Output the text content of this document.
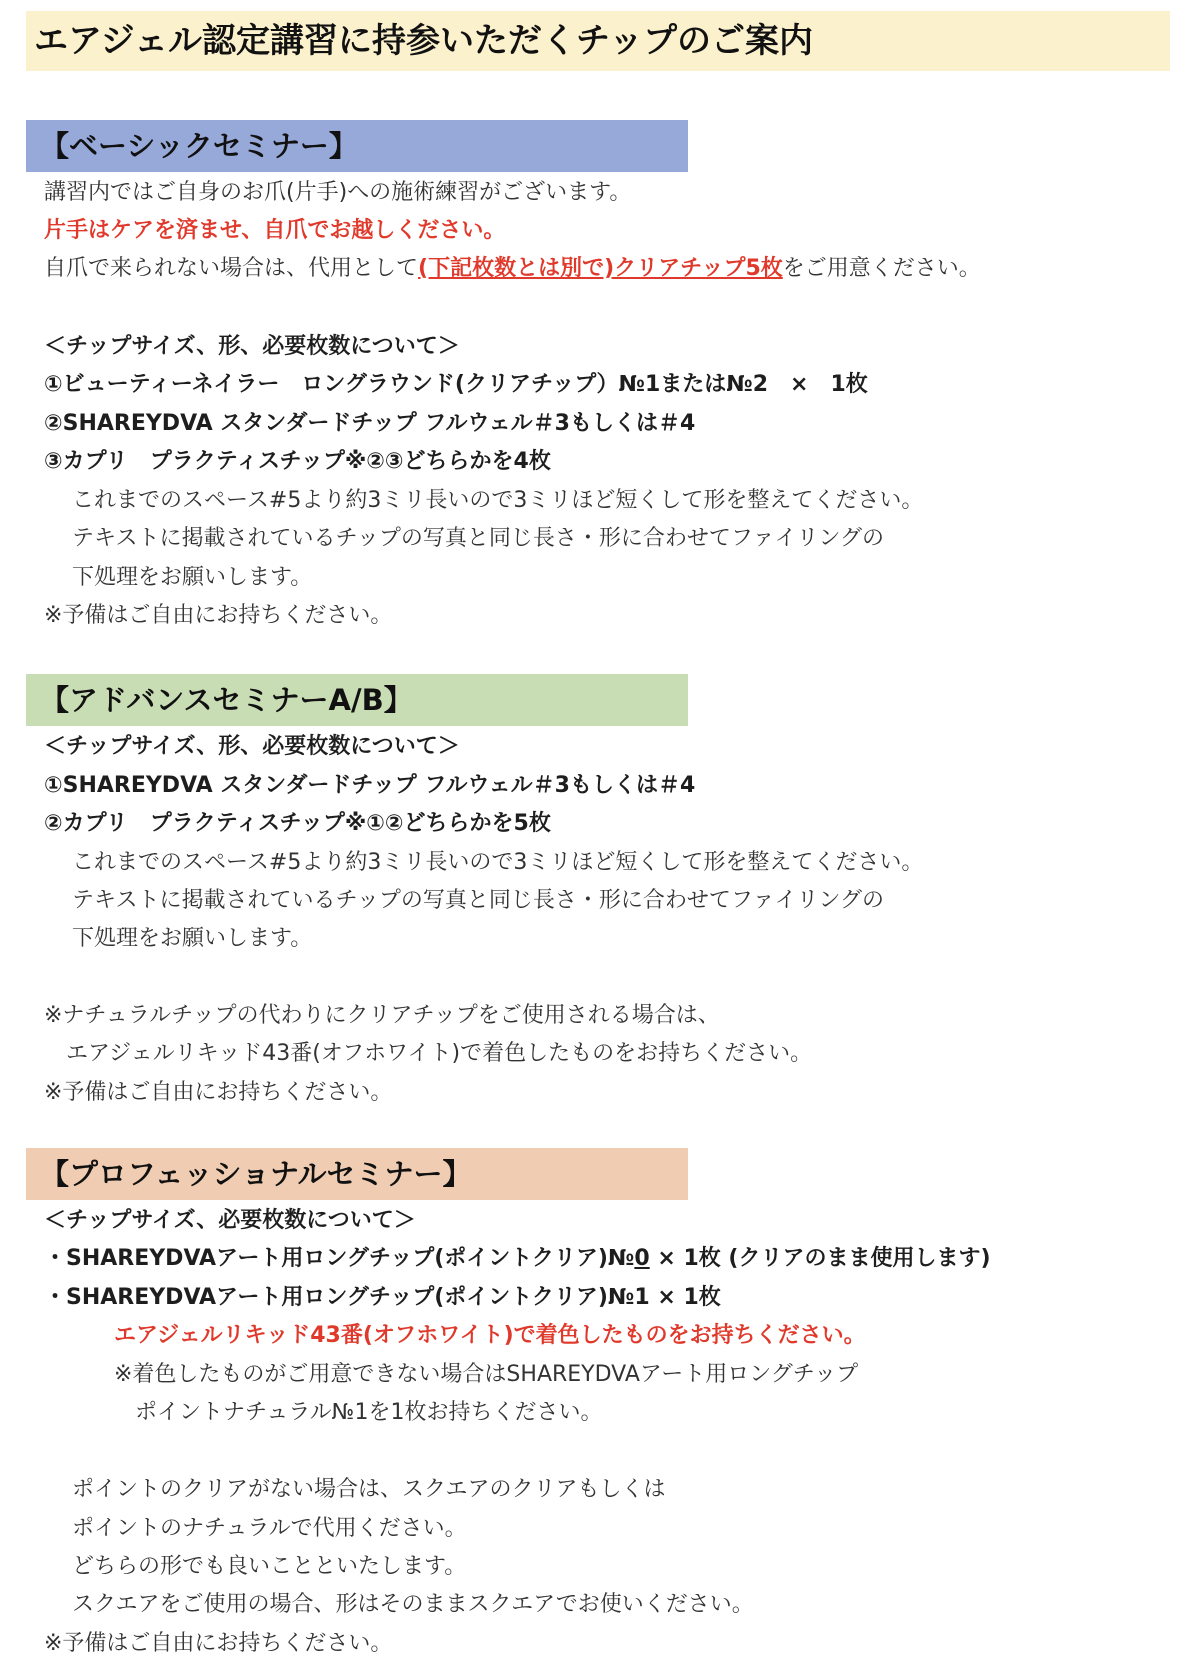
エアジェル認定講習に持参いただくチップのご案内
【ベーシックセミナー】
講習内ではご自身のお爪(片手)への施術練習がございます。
片手はケアを済ませ、自爪でお越しください。
自爪で来られない場合は、代用として(下記枚数とは別で)クリアチップ5枚をご用意ください。
＜チップサイズ、形、必要枚数について＞
①ビューティーネイラー　ロングラウンド(クリアチップ）№1または№2　×　1枚
②SHAREYDVA スタンダードチップ フルウェル＃3もしくは＃4
③カプリ　プラクティスチップ※②③どちらかを4枚
これまでのスペース#5より約3ミリ長いので3ミリほど短くして形を整えてください。
テキストに掲載されているチップの写真と同じ長さ・形に合わせてファイリングの
下処理をお願いします。
※予備はご自由にお持ちください。
【アドバンスセミナーA/B】
＜チップサイズ、形、必要枚数について＞
①SHAREYDVA スタンダードチップ フルウェル＃3もしくは＃4
②カプリ　プラクティスチップ※①②どちらかを5枚
これまでのスペース#5より約3ミリ長いので3ミリほど短くして形を整えてください。
テキストに掲載されているチップの写真と同じ長さ・形に合わせてファイリングの
下処理をお願いします。
※ナチュラルチップの代わりにクリアチップをご使用される場合は、
エアジェルリキッド43番(オフホワイト)で着色したものをお持ちください。
※予備はご自由にお持ちください。
【プロフェッショナルセミナー】
＜チップサイズ、必要枚数について＞
・SHAREYDVAアート用ロングチップ(ポイントクリア)№0 × 1枚 (クリアのまま使用します)
・SHAREYDVAアート用ロングチップ(ポイントクリア)№1 × 1枚
エアジェルリキッド43番(オフホワイト)で着色したものをお持ちください。
※着色したものがご用意できない場合はSHAREYDVAアート用ロングチップ
ポイントナチュラル№1を1枚お持ちください。
ポイントのクリアがない場合は、スクエアのクリアもしくは
ポイントのナチュラルで代用ください。
どちらの形でも良いことといたします。
スクエアをご使用の場合、形はそのままスクエアでお使いください。
※予備はご自由にお持ちください。
